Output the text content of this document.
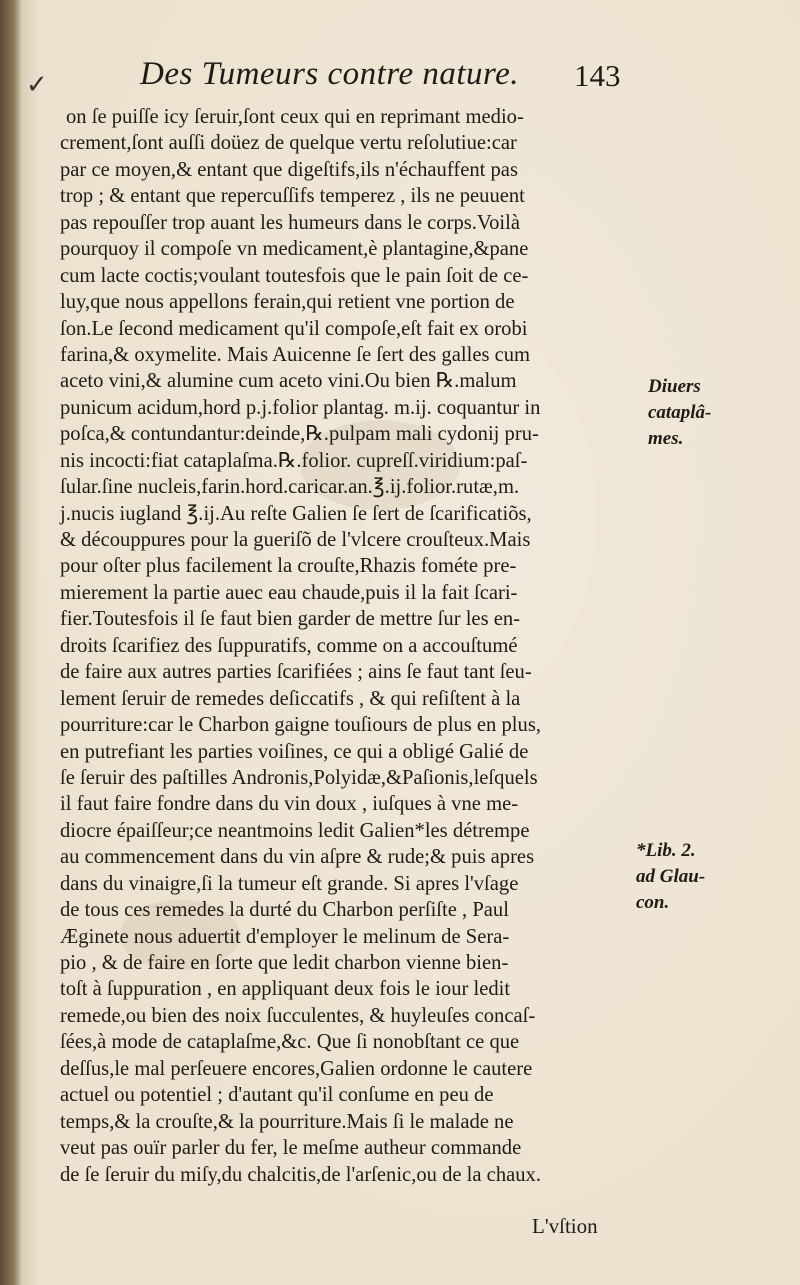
✓	Des Tumeurs contre nature. 143
on ſe puiſſe icy ſeruir,ſont ceux qui en reprimant medio-
crement,ſont auſſi doüez de quelque vertu reſolutiue:car
par ce moyen,& entant que digeſtifs,ils n'échauffent pas
trop ; & entant que repercuſſifs temperez , ils ne peuuent
pas repouſſer trop auant les humeurs dans le corps.Voilà
pourquoy il compoſe vn medicament,è plantagine,&pane
cum lacte coctis;voulant toutesfois que le pain ſoit de ce-
luy,que nous appellons ferain,qui retient vne portion de
ſon.Le ſecond medicament qu'il compoſe,eſt fait ex orobi
farina,& oxymelite. Mais Auicenne ſe ſert des galles cum
aceto vini,& alumine cum aceto vini.Ou bien ℞.malum
punicum acidum,hord p.j.folior plantag. m.ij. coquantur in
poſca,& contundantur:deinde,℞.pulpam mali cydonij pru-
nis incocti:fiat cataplaſma.℞.folior. cupreſſ.viridium:paſ-
ſular.ſine nucleis,farin.hord.caricar.an.℥.ij.folior.rutæ,m.
j.nucis iugland ℥.ij.Au reſte Galien ſe ſert de ſcarificatiõs,
& découppures pour la gueriſõ de l'vlcere crouſteux.Mais
pour oſter plus facilement la crouſte,Rhazis fométe pre-
mierement la partie auec eau chaude,puis il la fait ſcari-
fier.Toutesfois il ſe faut bien garder de mettre ſur les en-
droits ſcarifiez des ſuppuratifs, comme on a accouſtumé
de faire aux autres parties ſcarifiées ; ains ſe faut tant ſeu-
lement ſeruir de remedes deſiccatifs , & qui reſiſtent à la
pourriture:car le Charbon gaigne touſiours de plus en plus,
en putrefiant les parties voiſines, ce qui a obligé Galié de
ſe ſeruir des paſtilles Andronis,Polyidæ,&Paſionis,leſquels
il faut faire fondre dans du vin doux , iuſques à vne me-
diocre épaiſſeur;ce neantmoins ledit Galien*les détrempe
au commencement dans du vin aſpre & rude;& puis apres
dans du vinaigre,ſi la tumeur eſt grande. Si apres l'vſage
de tous ces remedes la durté du Charbon perſiſte , Paul
Æginete nous aduertit d'employer le melinum de Sera-
pio , & de faire en ſorte que ledit charbon vienne bien-
toſt à ſuppuration , en appliquant deux fois le iour ledit
remede,ou bien des noix ſucculentes, & huyleuſes concaſ-
ſées,à mode de cataplaſme,&c. Que ſi nonobſtant ce que
deſſus,le mal perſeuere encores,Galien ordonne le cautere
actuel ou potentiel ; d'autant qu'il conſume en peu de
temps,& la crouſte,& la pourriture.Mais ſi le malade ne
veut pas ouïr parler du fer, le meſme autheur commande
de ſe ſeruir du miſy,du chalcitis,de l'arſenic,ou de la chaux.
Diuers
cataplâ-
mes.
*Lib. 2.
ad Glau-
con.
L'vſtion
